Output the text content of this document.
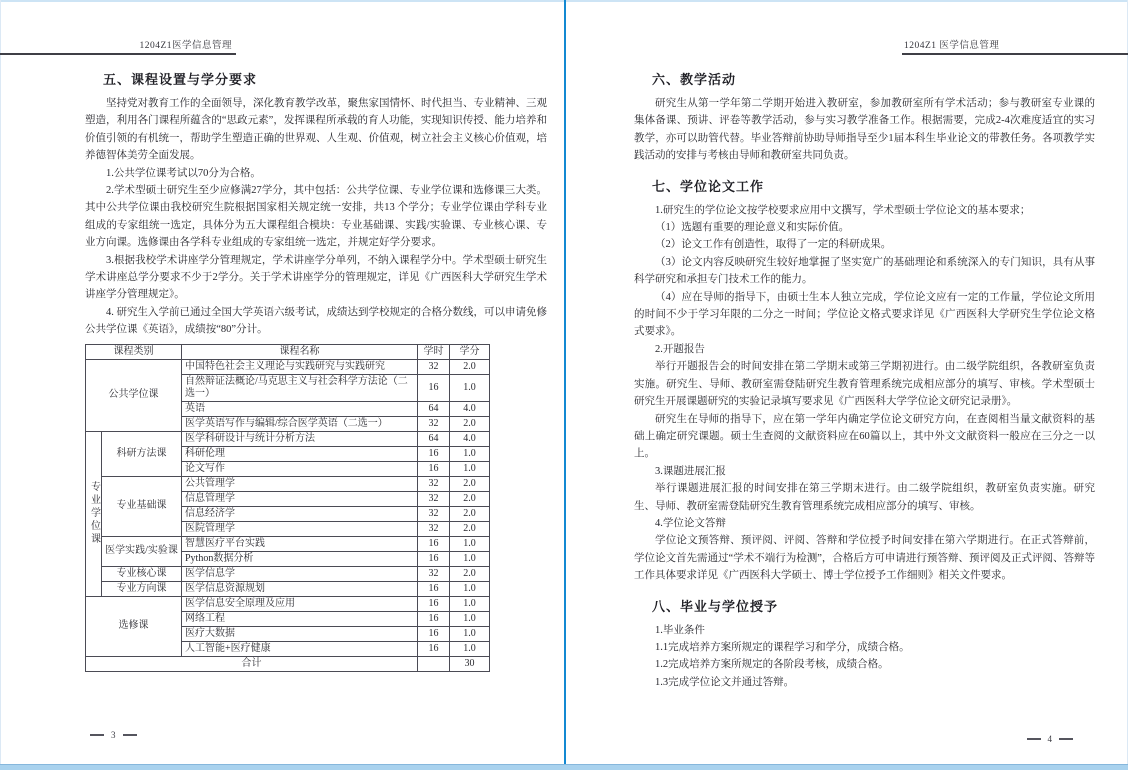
1204Z1医学信息管理
五、课程设置与学分要求

坚持党对教育工作的全面领导，深化教育教学改革，聚焦家国情怀、时代担当、专业精神、三观塑造，利用各门课程所蕴含的“思政元素”，发挥课程所承载的育人功能，实现知识传授、能力培养和价值引领的有机统一，帮助学生塑造正确的世界观、人生观、价值观，树立社会主义核心价值观，培养德智体美劳全面发展。

1.公共学位课考试以70分为合格。

2.学术型硕士研究生至少应修满27学分，其中包括：公共学位课、专业学位课和选修课三大类。其中公共学位课由我校研究生院根据国家相关规定统一安排，共13 个学分；专业学位课由学科专业组成的专家组统一选定，具体分为五大课程组合模块：专业基础课、实践/实验课、专业核心课、专业方向课。选修课由各学科专业组成的专家组统一选定，并规定好学分要求。

3.根据我校学术讲座学分管理规定，学术讲座学分单列，不纳入课程学分中。学术型硕士研究生学术讲座总学分要求不少于2学分。关于学术讲座学分的管理规定，详见《广西医科大学研究生学术讲座学分管理规定》。

4. 研究生入学前已通过全国大学英语六级考试，成绩达到学校规定的合格分数线，可以申请免修公共学位课《英语》，成绩按“80”分计。

课程类别		课程名称	学时	学分
公共学位课		中国特色社会主义理论与实践研究与实践研究	32	2.0
		自然辩证法概论/马克思主义与社会科学方法论（二选一）	16	1.0
		英语	64	4.0
		医学英语写作与编辑/综合医学英语（二选一）	32	2.0
专业学位课	科研方法课	医学科研设计与统计分析方法	64	4.0
		科研伦理	16	1.0
		论文写作	16	1.0
	专业基础课	公共管理学	32	2.0
		信息管理学	32	2.0
		信息经济学	32	2.0
		医院管理学	32	2.0
	医学实践/实验课	智慧医疗平台实践	16	1.0
		Python数据分析	16	1.0
	专业核心课	医学信息学	32	2.0
	专业方向课	医学信息资源规划	16	1.0
选修课		医学信息安全原理及应用	16	1.0
		网络工程	16	1.0
		医疗大数据	16	1.0
		人工智能+医疗健康	16	1.0
合计				30
3
1204Z1 医学信息管理
六、教学活动

研究生从第一学年第二学期开始进入教研室，参加教研室所有学术活动；参与教研室专业课的集体备课、预讲、评卷等教学活动，参与实习教学准备工作。根据需要，完成2-4次难度适宜的实习教学，亦可以助管代替。毕业答辩前协助导师指导至少1届本科生毕业论文的带教任务。各项教学实践活动的安排与考核由导师和教研室共同负责。

七、学位论文工作

1.研究生的学位论文按学校要求应用中文撰写，学术型硕士学位论文的基本要求；

（1）选题有重要的理论意义和实际价值。

（2）论文工作有创造性，取得了一定的科研成果。

（3）论文内容反映研究生较好地掌握了坚实宽广的基础理论和系统深入的专门知识，具有从事科学研究和承担专门技术工作的能力。

（4）应在导师的指导下，由硕士生本人独立完成，学位论文应有一定的工作量，学位论文所用的时间不少于学习年限的二分之一时间；学位论文格式要求详见《广西医科大学研究生学位论文格式要求》。

2.开题报告

举行开题报告会的时间安排在第二学期末或第三学期初进行。由二级学院组织，各教研室负责实施。研究生、导师、教研室需登陆研究生教育管理系统完成相应部分的填写、审核。学术型硕士研究生开展课题研究的实验记录填写要求见《广西医科大学学位论文研究记录册》。

研究生在导师的指导下，应在第一学年内确定学位论文研究方向，在查阅相当量文献资料的基础上确定研究课题。硕士生查阅的文献资料应在60篇以上，其中外文文献资料一般应在三分之一以上。

3.课题进展汇报

举行课题进展汇报的时间安排在第三学期末进行。由二级学院组织，教研室负责实施。研究生、导师、教研室需登陆研究生教育管理系统完成相应部分的填写、审核。

4.学位论文答辩

学位论文预答辩、预评阅、评阅、答辩和学位授予时间安排在第六学期进行。在正式答辩前，学位论文首先需通过“学术不端行为检测”，合格后方可申请进行预答辩、预评阅及正式评阅、答辩等工作具体要求详见《广西医科大学硕士、博士学位授予工作细则》相关文件要求。

八、毕业与学位授予

1.毕业条件

1.1完成培养方案所规定的课程学习和学分，成绩合格。

1.2完成培养方案所规定的各阶段考核，成绩合格。

1.3完成学位论文并通过答辩。

4
